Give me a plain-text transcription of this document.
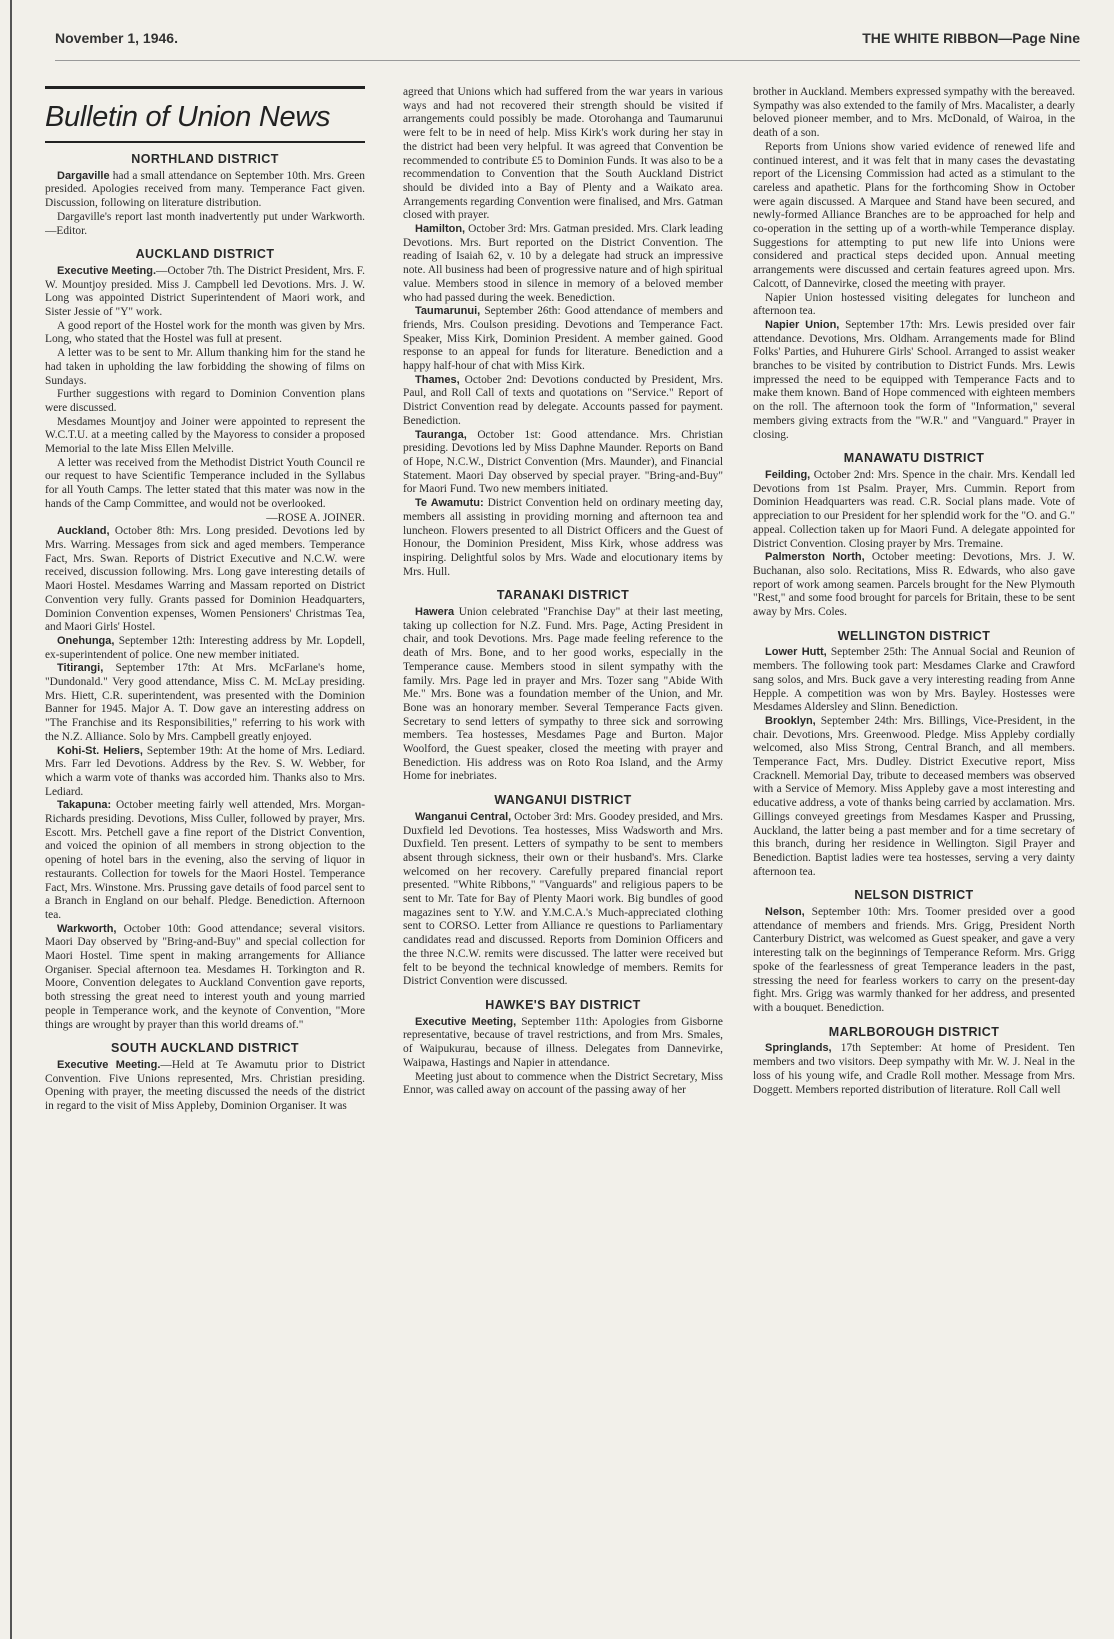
November 1, 1946.	THE WHITE RIBBON—Page Nine
Bulletin of Union News
NORTHLAND DISTRICT

Dargaville had a small attendance on September 10th. Mrs. Green presided. Apologies received from many. Temperance Fact given. Discussion, following on literature distribution.

Dargaville's report last month inadvertently put under Warkworth.—Editor.

AUCKLAND DISTRICT

Executive Meeting.—October 7th. The District President, Mrs. F. W. Mountjoy presided. Miss J. Campbell led Devotions. Mrs. J. W. Long was appointed District Superintendent of Maori work, and Sister Jessie of "Y" work.

A good report of the Hostel work for the month was given by Mrs. Long, who stated that the Hostel was full at present.

A letter was to be sent to Mr. Allum thanking him for the stand he had taken in upholding the law forbidding the showing of films on Sundays.

Further suggestions with regard to Dominion Convention plans were discussed.

Mesdames Mountjoy and Joiner were appointed to represent the W.C.T.U. at a meeting called by the Mayoress to consider a proposed Memorial to the late Miss Ellen Melville.

A letter was received from the Methodist District Youth Council re our request to have Scientific Temperance included in the Syllabus for all Youth Camps. The letter stated that this mater was now in the hands of the Camp Committee, and would not be overlooked.

—ROSE A. JOINER.

Auckland, October 8th: Mrs. Long presided. Devotions led by Mrs. Warring. Messages from sick and aged members. Temperance Fact, Mrs. Swan. Reports of District Executive and N.C.W. were received, discussion following. Mrs. Long gave interesting details of Maori Hostel. Mesdames Warring and Massam reported on District Convention very fully. Grants passed for Dominion Headquarters, Dominion Convention expenses, Women Pensioners' Christmas Tea, and Maori Girls' Hostel.

Onehunga, September 12th: Interesting address by Mr. Lopdell, ex-superintendent of police. One new member initiated.

Titirangi, September 17th: At Mrs. McFarlane's home, "Dundonald." Very good attendance, Miss C. M. McLay presiding. Mrs. Hiett, C.R. superintendent, was presented with the Dominion Banner for 1945. Major A. T. Dow gave an interesting address on "The Franchise and its Responsibilities," referring to his work with the N.Z. Alliance. Solo by Mrs. Campbell greatly enjoyed.

Kohi-St. Heliers, September 19th: At the home of Mrs. Lediard. Mrs. Farr led Devotions. Address by the Rev. S. W. Webber, for which a warm vote of thanks was accorded him. Thanks also to Mrs. Lediard.

Takapuna: October meeting fairly well attended, Mrs. Morgan-Richards presiding. Devotions, Miss Culler, followed by prayer, Mrs. Escott. Mrs. Petchell gave a fine report of the District Convention, and voiced the opinion of all members in strong objection to the opening of hotel bars in the evening, also the serving of liquor in restaurants. Collection for towels for the Maori Hostel. Temperance Fact, Mrs. Winstone. Mrs. Prussing gave details of food parcel sent to a Branch in England on our behalf. Pledge. Benediction. Afternoon tea.

Warkworth, October 10th: Good attendance; several visitors. Maori Day observed by "Bring-and-Buy" and special collection for Maori Hostel. Time spent in making arrangements for Alliance Organiser. Special afternoon tea. Mesdames H. Torkington and R. Moore, Convention delegates to Auckland Convention gave reports, both stressing the great need to interest youth and young married people in Temperance work, and the keynote of Convention, "More things are wrought by prayer than this world dreams of."

SOUTH AUCKLAND DISTRICT

Executive Meeting.—Held at Te Awamutu prior to District Convention. Five Unions represented, Mrs. Christian presiding. Opening with prayer, the meeting discussed the needs of the district in regard to the visit of Miss Appleby, Dominion Organiser. It was

agreed that Unions which had suffered from the war years in various ways and had not recovered their strength should be visited if arrangements could possibly be made. Otorohanga and Taumarunui were felt to be in need of help. Miss Kirk's work during her stay in the district had been very helpful. It was agreed that Convention be recommended to contribute £5 to Dominion Funds. It was also to be a recommendation to Convention that the South Auckland District should be divided into a Bay of Plenty and a Waikato area. Arrangements regarding Convention were finalised, and Mrs. Gatman closed with prayer.

Hamilton, October 3rd: Mrs. Gatman presided. Mrs. Clark leading Devotions. Mrs. Burt reported on the District Convention. The reading of Isaiah 62, v. 10 by a delegate had struck an impressive note. All business had been of progressive nature and of high spiritual value. Members stood in silence in memory of a beloved member who had passed during the week. Benediction.

Taumarunui, September 26th: Good attendance of members and friends, Mrs. Coulson presiding. Devotions and Temperance Fact. Speaker, Miss Kirk, Dominion President. A member gained. Good response to an appeal for funds for literature. Benediction and a happy half-hour of chat with Miss Kirk.

Thames, October 2nd: Devotions conducted by President, Mrs. Paul, and Roll Call of texts and quotations on "Service." Report of District Convention read by delegate. Accounts passed for payment. Benediction.

Tauranga, October 1st: Good attendance. Mrs. Christian presiding. Devotions led by Miss Daphne Maunder. Reports on Band of Hope, N.C.W., District Convention (Mrs. Maunder), and Financial Statement. Maori Day observed by special prayer. "Bring-and-Buy" for Maori Fund. Two new members initiated.

Te Awamutu: District Convention held on ordinary meeting day, members all assisting in providing morning and afternoon tea and luncheon. Flowers presented to all District Officers and the Guest of Honour, the Dominion President, Miss Kirk, whose address was inspiring. Delightful solos by Mrs. Wade and elocutionary items by Mrs. Hull.

TARANAKI DISTRICT

Hawera Union celebrated "Franchise Day" at their last meeting, taking up collection for N.Z. Fund. Mrs. Page, Acting President in chair, and took Devotions. Mrs. Page made feeling reference to the death of Mrs. Bone, and to her good works, especially in the Temperance cause. Members stood in silent sympathy with the family. Mrs. Page led in prayer and Mrs. Tozer sang "Abide With Me." Mrs. Bone was a foundation member of the Union, and Mr. Bone was an honorary member. Several Temperance Facts given. Secretary to send letters of sympathy to three sick and sorrowing members. Tea hostesses, Mesdames Page and Burton. Major Woolford, the Guest speaker, closed the meeting with prayer and Benediction. His address was on Roto Roa Island, and the Army Home for inebriates.

WANGANUI DISTRICT

Wanganui Central, October 3rd: Mrs. Goodey presided, and Mrs. Duxfield led Devotions. Tea hostesses, Miss Wadsworth and Mrs. Duxfield. Ten present. Letters of sympathy to be sent to members absent through sickness, their own or their husband's. Mrs. Clarke welcomed on her recovery. Carefully prepared financial report presented. "White Ribbons," "Vanguards" and religious papers to be sent to Mr. Tate for Bay of Plenty Maori work. Big bundles of good magazines sent to Y.W. and Y.M.C.A.'s Much-appreciated clothing sent to CORSO. Letter from Alliance re questions to Parliamentary candidates read and discussed. Reports from Dominion Officers and the three N.C.W. remits were discussed. The latter were received but felt to be beyond the technical knowledge of members. Remits for District Convention were discussed.

HAWKE'S BAY DISTRICT

Executive Meeting, September 11th: Apologies from Gisborne representative, because of travel restrictions, and from Mrs. Smales, of Waipukurau, because of illness. Delegates from Dannevirke, Waipawa, Hastings and Napier in attendance.

Meeting just about to commence when the District Secretary, Miss Ennor, was called away on account of the passing away of her

brother in Auckland. Members expressed sympathy with the bereaved. Sympathy was also extended to the family of Mrs. Macalister, a dearly beloved pioneer member, and to Mrs. McDonald, of Wairoa, in the death of a son.

Reports from Unions show varied evidence of renewed life and continued interest, and it was felt that in many cases the devastating report of the Licensing Commission had acted as a stimulant to the careless and apathetic. Plans for the forthcoming Show in October were again discussed. A Marquee and Stand have been secured, and newly-formed Alliance Branches are to be approached for help and co-operation in the setting up of a worth-while Temperance display. Suggestions for attempting to put new life into Unions were considered and practical steps decided upon. Annual meeting arrangements were discussed and certain features agreed upon. Mrs. Calcott, of Dannevirke, closed the meeting with prayer.

Napier Union hostessed visiting delegates for luncheon and afternoon tea.

Napier Union, September 17th: Mrs. Lewis presided over fair attendance. Devotions, Mrs. Oldham. Arrangements made for Blind Folks' Parties, and Huhurere Girls' School. Arranged to assist weaker branches to be visited by contribution to District Funds. Mrs. Lewis impressed the need to be equipped with Temperance Facts and to make them known. Band of Hope commenced with eighteen members on the roll. The afternoon took the form of "Information," several members giving extracts from the "W.R." and "Vanguard." Prayer in closing.

MANAWATU DISTRICT

Feilding, October 2nd: Mrs. Spence in the chair. Mrs. Kendall led Devotions from 1st Psalm. Prayer, Mrs. Cummin. Report from Dominion Headquarters was read. C.R. Social plans made. Vote of appreciation to our President for her splendid work for the "O. and G." appeal. Collection taken up for Maori Fund. A delegate appointed for District Convention. Closing prayer by Mrs. Tremaine.

Palmerston North, October meeting: Devotions, Mrs. J. W. Buchanan, also solo. Recitations, Miss R. Edwards, who also gave report of work among seamen. Parcels brought for the New Plymouth "Rest," and some food brought for parcels for Britain, these to be sent away by Mrs. Coles.

WELLINGTON DISTRICT

Lower Hutt, September 25th: The Annual Social and Reunion of members. The following took part: Mesdames Clarke and Crawford sang solos, and Mrs. Buck gave a very interesting reading from Anne Hepple. A competition was won by Mrs. Bayley. Hostesses were Mesdames Aldersley and Slinn. Benediction.

Brooklyn, September 24th: Mrs. Billings, Vice-President, in the chair. Devotions, Mrs. Greenwood. Pledge. Miss Appleby cordially welcomed, also Miss Strong, Central Branch, and all members. Temperance Fact, Mrs. Dudley. District Executive report, Miss Cracknell. Memorial Day, tribute to deceased members was observed with a Service of Memory. Miss Appleby gave a most interesting and educative address, a vote of thanks being carried by acclamation. Mrs. Gillings conveyed greetings from Mesdames Kasper and Prussing, Auckland, the latter being a past member and for a time secretary of this branch, during her residence in Wellington. Sigil Prayer and Benediction. Baptist ladies were tea hostesses, serving a very dainty afternoon tea.

NELSON DISTRICT

Nelson, September 10th: Mrs. Toomer presided over a good attendance of members and friends. Mrs. Grigg, President North Canterbury District, was welcomed as Guest speaker, and gave a very interesting talk on the beginnings of Temperance Reform. Mrs. Grigg spoke of the fearlessness of great Temperance leaders in the past, stressing the need for fearless workers to carry on the present-day fight. Mrs. Grigg was warmly thanked for her address, and presented with a bouquet. Benediction.

MARLBOROUGH DISTRICT

Springlands, 17th September: At home of President. Ten members and two visitors. Deep sympathy with Mr. W. J. Neal in the loss of his young wife, and Cradle Roll mother. Message from Mrs. Doggett. Members reported distribution of literature. Roll Call well
